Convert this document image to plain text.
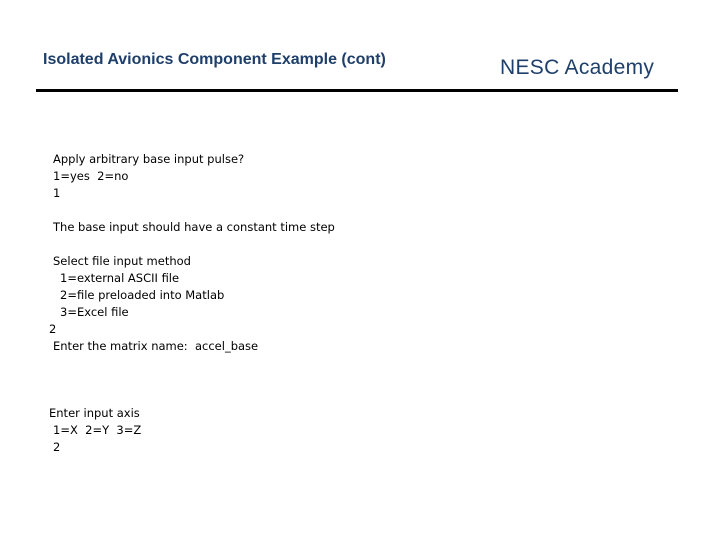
Isolated Avionics Component Example (cont)	NESC Academy
Apply arbitrary base input pulse?
1=yes  2=no
1
The base input should have a constant time step
Select file input method
1=external ASCII file
2=file preloaded into Matlab
3=Excel file
2
Enter the matrix name:  accel_base
Enter input axis
1=X  2=Y  3=Z
2
